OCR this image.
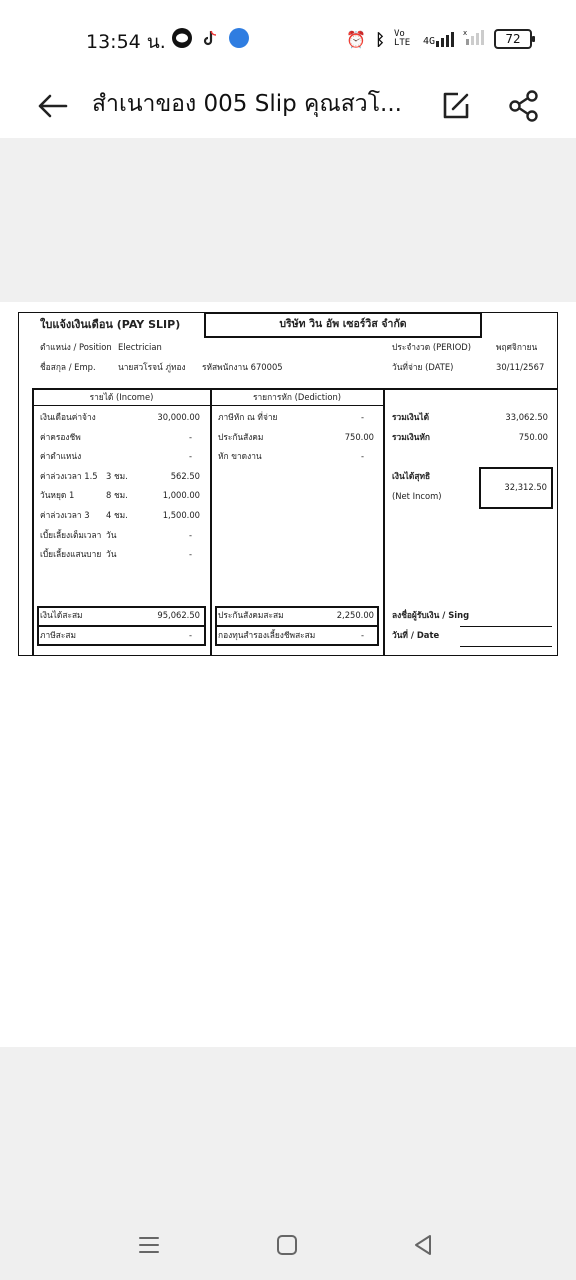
13:54 น.	⏰ ᛒ Vo LTE	4G
x	72
สำเนาของ 005 Slip คุณสวโ...
ใบแจ้งเงินเดือน (PAY SLIP)	บริษัท วิน อัพ เซอร์วิส จำกัด
ตำแหน่ง / Position Electrician
ชื่อสกุล / Emp.	นายสวโรจน์ ภู่ทอง รหัสพนักงาน 670005
ประจำงวด (PERIOD)	พฤศจิกายน
วันที่จ่าย (DATE)	30/11/2567
รายได้ (Income)	รายการหัก (Dediction)
เงินเดือนค่าจ้าง	30,000.00
ค่าครองชีพ	-
ค่าตำแหน่ง	-
ค่าล่วงเวลา 1.5 3 ชม.	562.50
วันหยุด 1	8 ชม.	1,000.00
ค่าล่วงเวลา 3 4 ชม.	1,500.00
เบี้ยเลี้ยงเต็มเวลา วัน	-
เบี้ยเลี้ยงแสนบาย วัน	-
ภาษีหัก ณ ที่จ่าย	-
ประกันสังคม	750.00
หัก ขาดงาน	-
รวมเงินได้	33,062.50
รวมเงินหัก	750.00
เงินได้สุทธิ
(Net Incom)
32,312.50
เงินได้สะสม	95,062.50
ภาษีสะสม	-
ประกันสังคมสะสม	2,250.00
กองทุนสำรองเลี้ยงชีพสะสม	-
ลงชื่อผู้รับเงิน / Sing
วันที่ / Date
